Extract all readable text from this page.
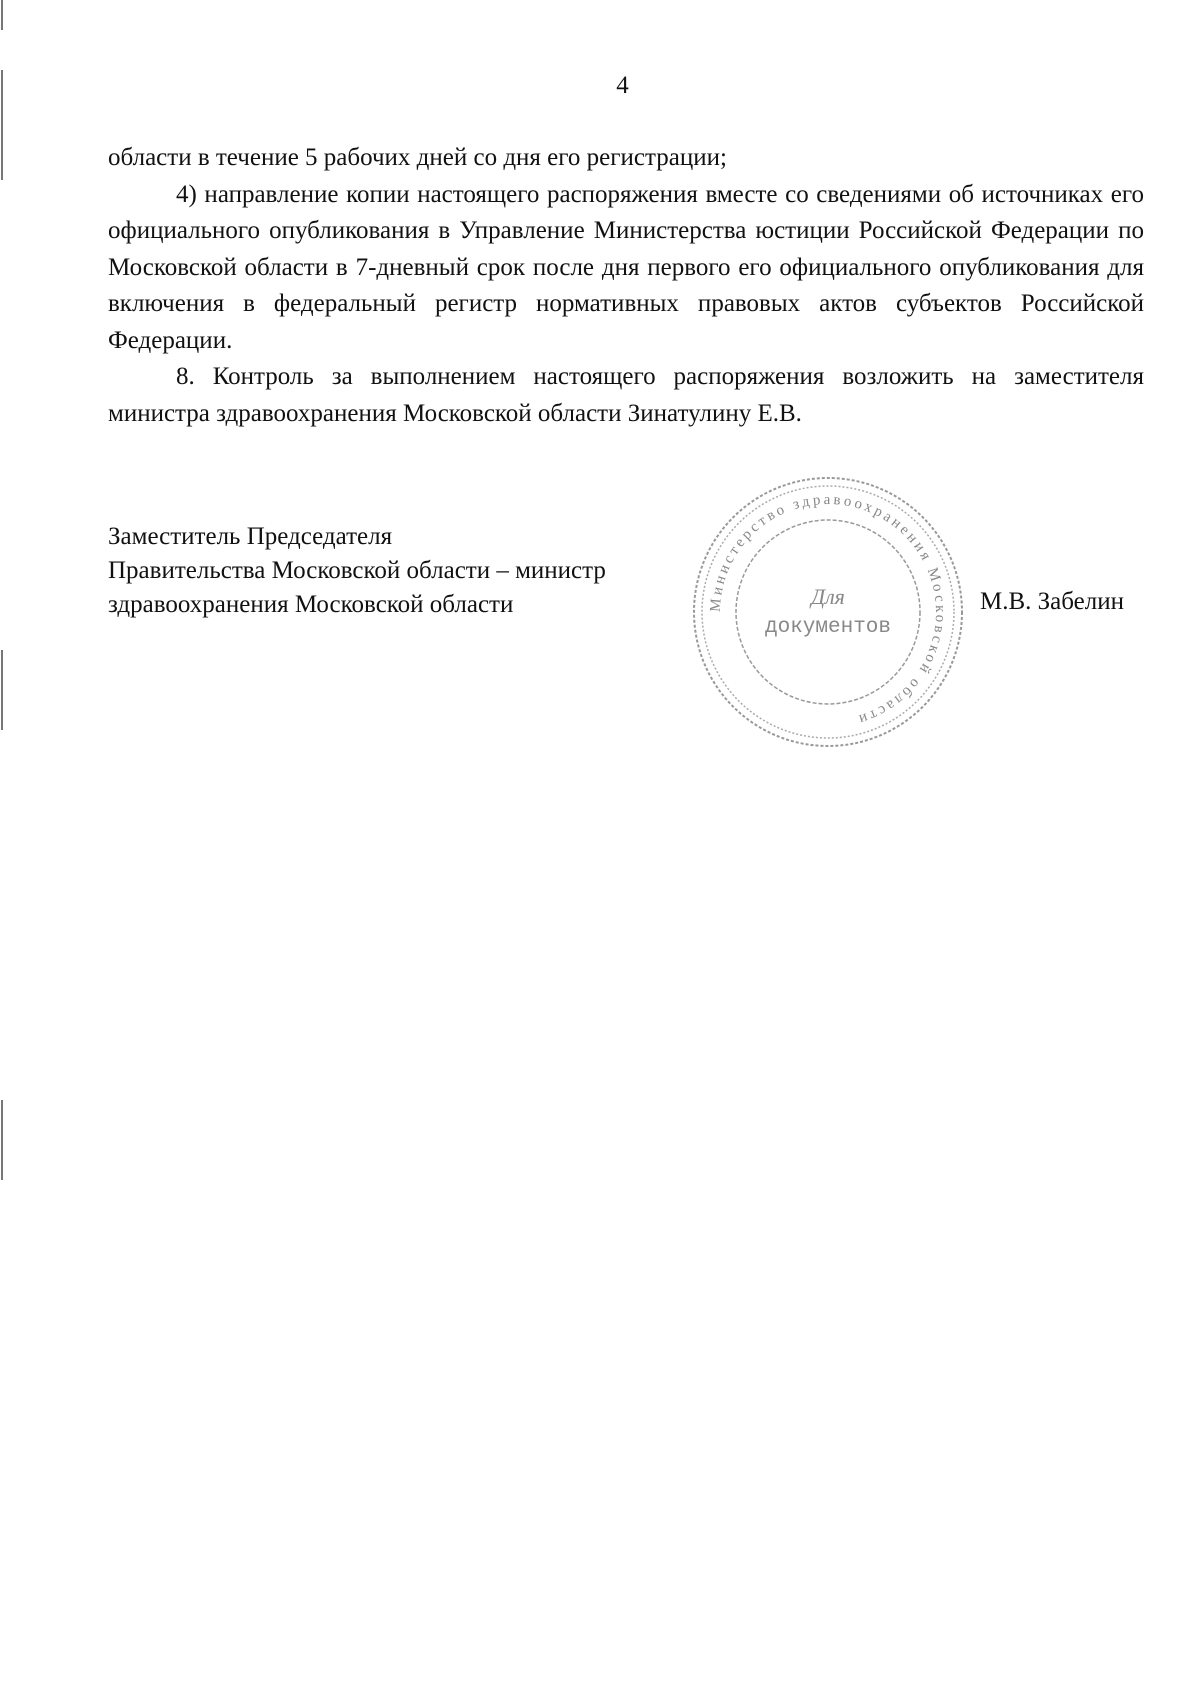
4

области в течение 5 рабочих дней со дня его регистрации;

4) направление копии настоящего распоряжения вместе со сведениями об источниках его официального опубликования в Управление Министерства юстиции Российской Федерации по Московской области в 7-дневный срок после дня первого его официального опубликования для включения в федеральный регистр нормативных правовых актов субъектов Российской Федерации.

8. Контроль за выполнением настоящего распоряжения возложить на заместителя министра здравоохранения Московской области Зинатулину Е.В.

Заместитель Председателя
Правительства Московской области – министр
здравоохранения Московской области	Министерство здравоохранения Московской области
Для
документов
М.В. Забелин
